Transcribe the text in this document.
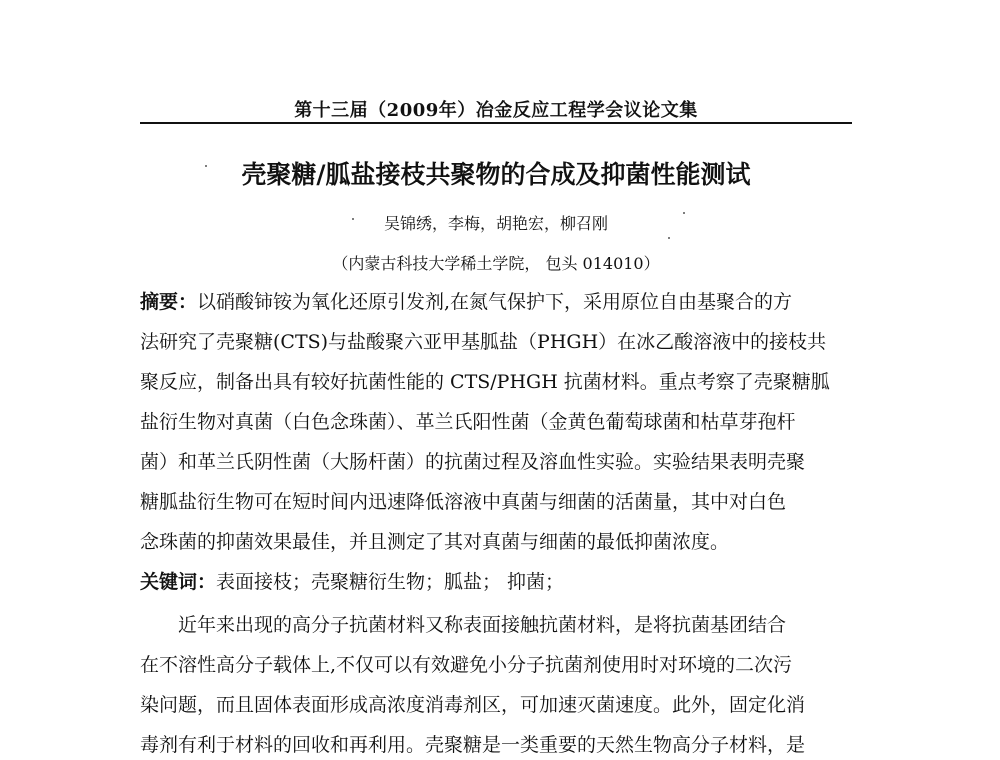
第十三届（2009年）冶金反应工程学会议论文集
壳聚糖/胍盐接枝共聚物的合成及抑菌性能测试
吴锦绣，李梅，胡艳宏，柳召刚
（内蒙古科技大学稀土学院， 包头 014010）
摘要：以硝酸铈铵为氧化还原引发剂,在氮气保护下，采用原位自由基聚合的方
法研究了壳聚糖(CTS)与盐酸聚六亚甲基胍盐（PHGH）在冰乙酸溶液中的接枝共
聚反应，制备出具有较好抗菌性能的 CTS/PHGH 抗菌材料。重点考察了壳聚糖胍
盐衍生物对真菌（白色念珠菌）、革兰氏阳性菌（金黄色葡萄球菌和枯草芽孢杆
菌）和革兰氏阴性菌（大肠杆菌）的抗菌过程及溶血性实验。实验结果表明壳聚
糖胍盐衍生物可在短时间内迅速降低溶液中真菌与细菌的活菌量，其中对白色
念珠菌的抑菌效果最佳，并且测定了其对真菌与细菌的最低抑菌浓度。
关键词：表面接枝；壳聚糖衍生物；胍盐； 抑菌；
近年来出现的高分子抗菌材料又称表面接触抗菌材料，是将抗菌基团结合
在不溶性高分子载体上,不仅可以有效避免小分子抗菌剂使用时对环境的二次污
染问题，而且固体表面形成高浓度消毒剂区，可加速灭菌速度。此外，固定化消
毒剂有利于材料的回收和再利用。壳聚糖是一类重要的天然生物高分子材料，是
